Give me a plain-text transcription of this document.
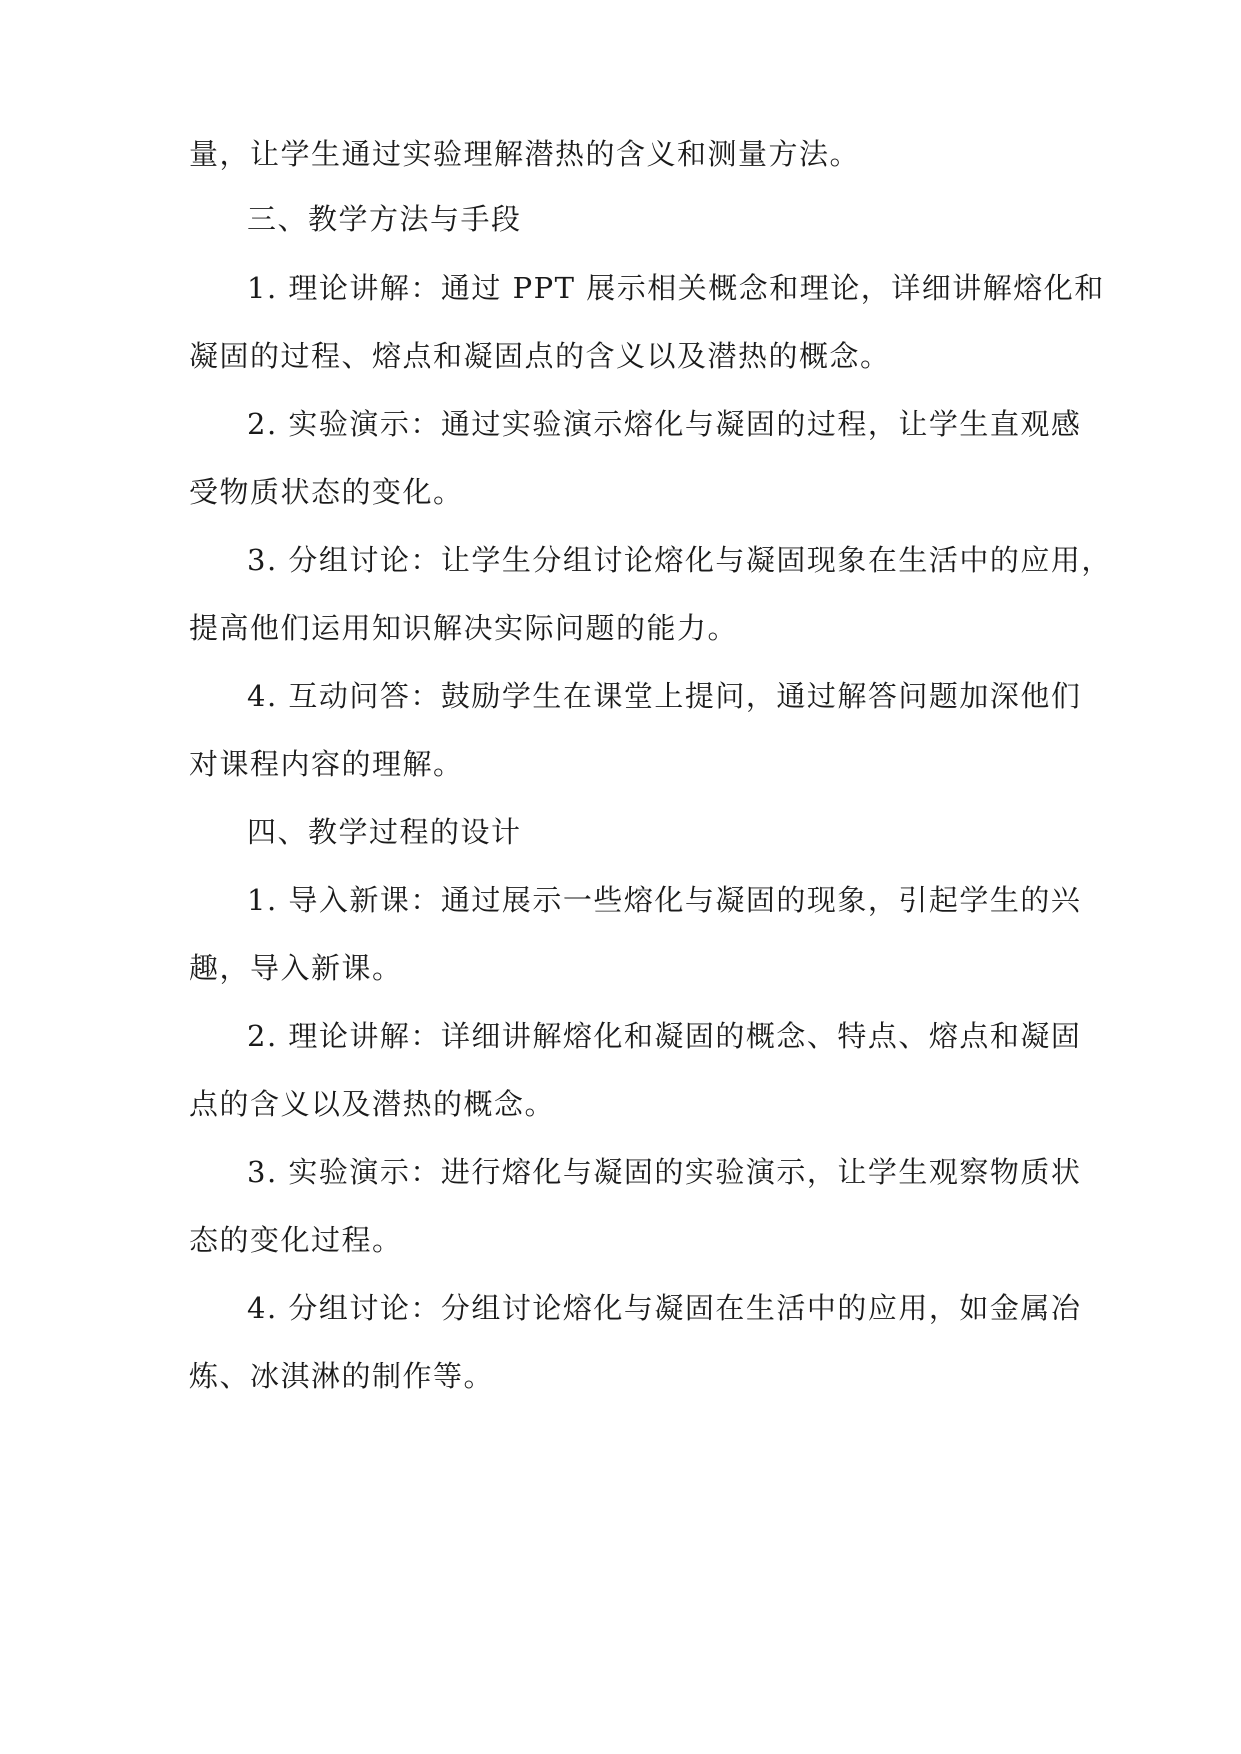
量，让学生通过实验理解潜热的含义和测量方法。
三、教学方法与手段
1. 理论讲解：通过 PPT 展示相关概念和理论，详细讲解熔化和
凝固的过程、熔点和凝固点的含义以及潜热的概念。
2. 实验演示：通过实验演示熔化与凝固的过程，让学生直观感
受物质状态的变化。
3. 分组讨论：让学生分组讨论熔化与凝固现象在生活中的应用，
提高他们运用知识解决实际问题的能力。
4. 互动问答：鼓励学生在课堂上提问，通过解答问题加深他们
对课程内容的理解。
四、教学过程的设计
1. 导入新课：通过展示一些熔化与凝固的现象，引起学生的兴
趣，导入新课。
2. 理论讲解：详细讲解熔化和凝固的概念、特点、熔点和凝固
点的含义以及潜热的概念。
3. 实验演示：进行熔化与凝固的实验演示，让学生观察物质状
态的变化过程。
4. 分组讨论：分组讨论熔化与凝固在生活中的应用，如金属冶
炼、冰淇淋的制作等。
